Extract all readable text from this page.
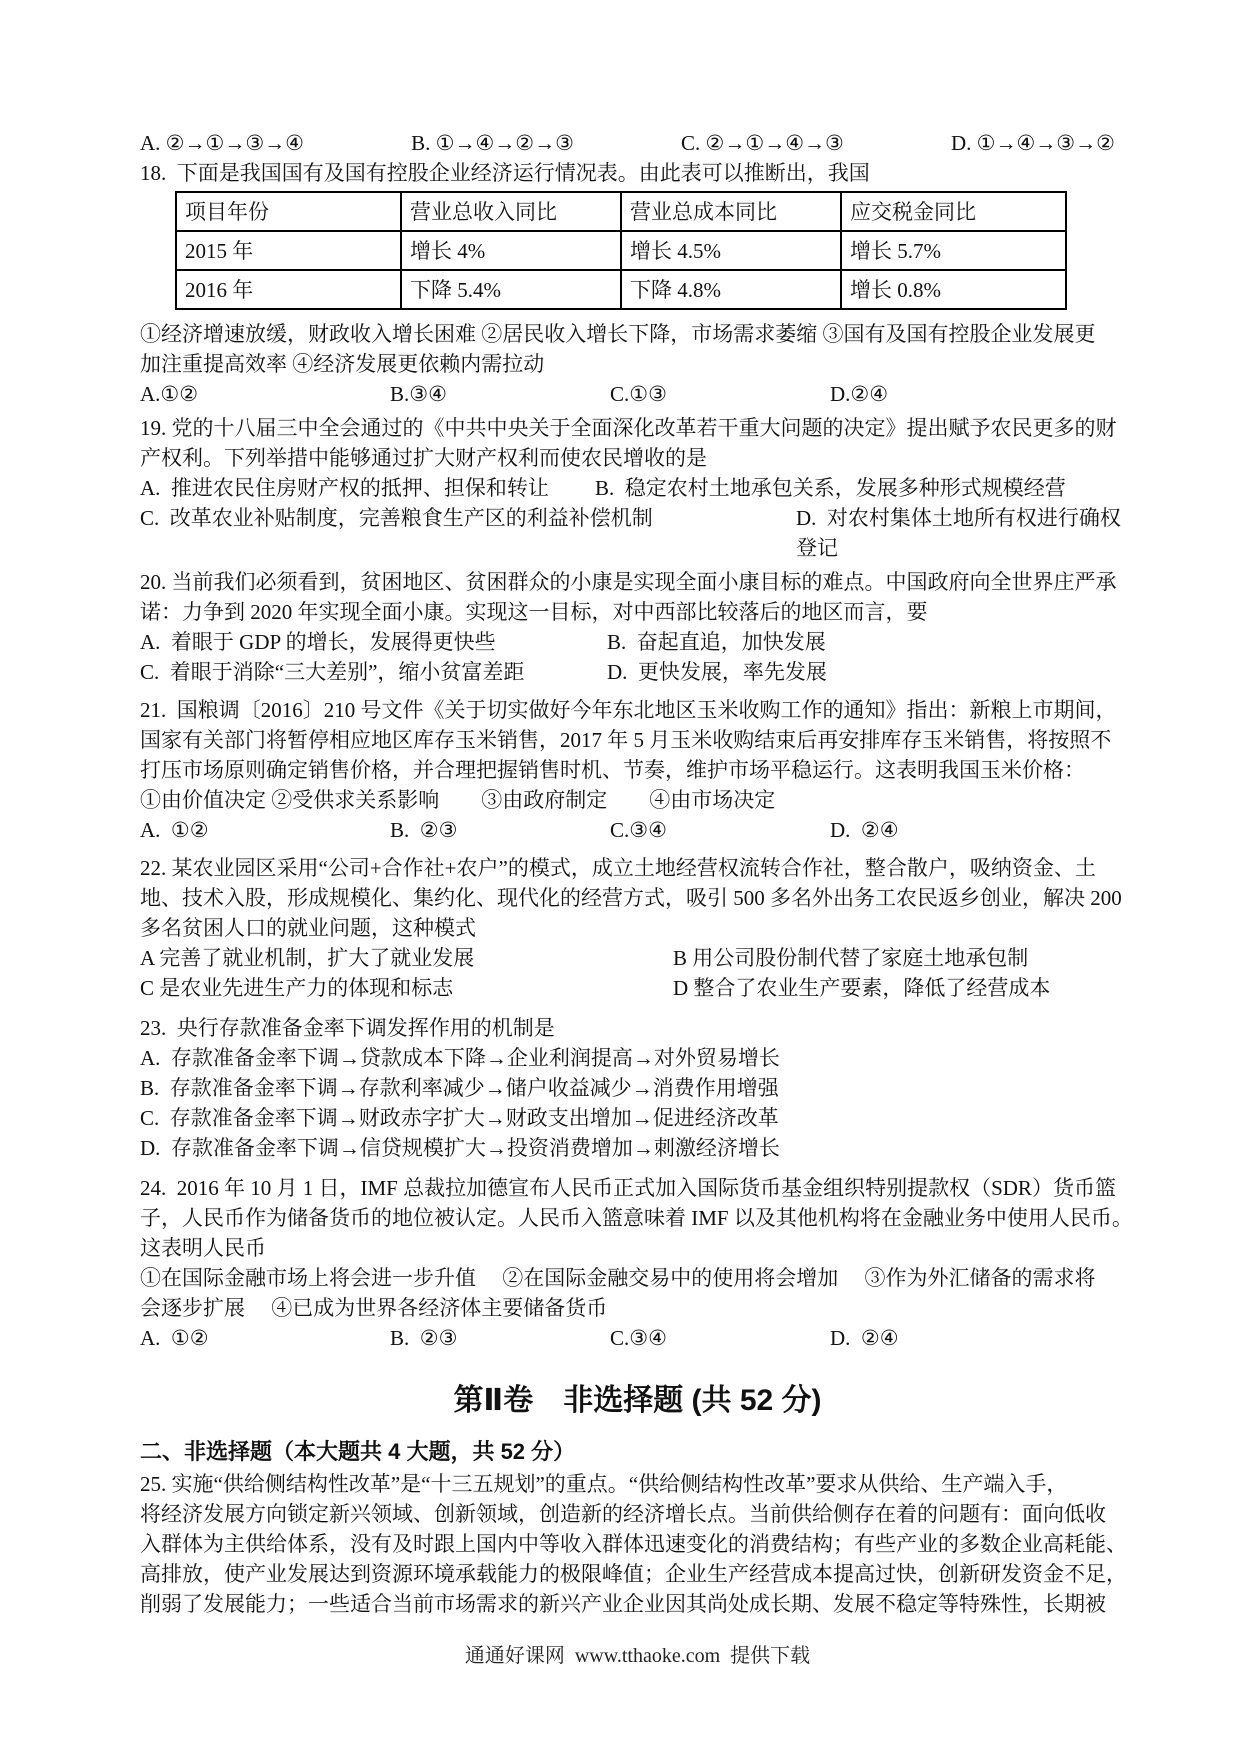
A. ②→①→③→④	B. ①→④→②→③	C. ②→①→④→③	D. ①→④→③→②
18.  下面是我国国有及国有控股企业经济运行情况表。由此表可以推断出，我国
项目年份	营业总收入同比	营业总成本同比	应交税金同比
2015 年	增长 4%	增长 4.5%	增长 5.7%
2016 年	下降 5.4%	下降 4.8%	增长 0.8%
①经济增速放缓，财政收入增长困难 ②居民收入增长下降，市场需求萎缩 ③国有及国有控股企业发展更
加注重提高效率 ④经济发展更依赖内需拉动
A.①②	B.③④	C.①③	D.②④
19. 党的十八届三中全会通过的《中共中央关于全面深化改革若干重大问题的决定》提出赋予农民更多的财
产权利。下列举措中能够通过扩大财产权利而使农民增收的是
A.  推进农民住房财产权的抵押、担保和转让	B.  稳定农村土地承包关系，发展多种形式规模经营
C.  改革农业补贴制度，完善粮食生产区的利益补偿机制	D.  对农村集体土地所有权进行确权登记
20. 当前我们必须看到，贫困地区、贫困群众的小康是实现全面小康目标的难点。中国政府向全世界庄严承
诺：力争到 2020 年实现全面小康。实现这一目标，对中西部比较落后的地区而言，要
A.  着眼于 GDP 的增长，发展得更快些	B.  奋起直追，加快发展
C.  着眼于消除“三大差别”，缩小贫富差距	D.  更快发展，率先发展
21.  国粮调〔2016〕210 号文件《关于切实做好今年东北地区玉米收购工作的通知》指出：新粮上市期间，
国家有关部门将暂停相应地区库存玉米销售，2017 年 5 月玉米收购结束后再安排库存玉米销售，将按照不
打压市场原则确定销售价格，并合理把握销售时机、节奏，维护市场平稳运行。这表明我国玉米价格：
①由价值决定 ②受供求关系影响　　③由政府制定　　④由市场决定
A.  ①②	B.  ②③	C.③④	D.  ②④
22. 某农业园区采用“公司+合作社+农户”的模式，成立土地经营权流转合作社，整合散户，吸纳资金、土
地、技术入股，形成规模化、集约化、现代化的经营方式，吸引 500 多名外出务工农民返乡创业，解决 200
多名贫困人口的就业问题，这种模式
A 完善了就业机制，扩大了就业发展	B 用公司股份制代替了家庭土地承包制
C 是农业先进生产力的体现和标志	D 整合了农业生产要素，降低了经营成本
23.  央行存款准备金率下调发挥作用的机制是
A.  存款准备金率下调→贷款成本下降→企业利润提高→对外贸易增长
B.  存款准备金率下调→存款利率减少→储户收益减少→消费作用增强
C.  存款准备金率下调→财政赤字扩大→财政支出增加→促进经济改革
D.  存款准备金率下调→信贷规模扩大→投资消费增加→刺激经济增长
24.  2016 年 10 月 1 日，IMF 总裁拉加德宣布人民币正式加入国际货币基金组织特别提款权（SDR）货币篮
子，人民币作为储备货币的地位被认定。人民币入篮意味着 IMF 以及其他机构将在金融业务中使用人民币。
这表明人民币
①在国际金融市场上将会进一步升值　 ②在国际金融交易中的使用将会增加　 ③作为外汇储备的需求将
会逐步扩展　 ④已成为世界各经济体主要储备货币
A.  ①②	B.  ②③	C.③④	D.  ②④
第Ⅱ卷　非选择题 (共 52 分)
二、非选择题（本大题共 4 大题，共 52 分）
25. 实施“供给侧结构性改革”是“十三五规划”的重点。“供给侧结构性改革”要求从供给、生产端入手，
将经济发展方向锁定新兴领域、创新领域，创造新的经济增长点。当前供给侧存在着的问题有：面向低收
入群体为主供给体系，没有及时跟上国内中等收入群体迅速变化的消费结构；有些产业的多数企业高耗能、
高排放，使产业发展达到资源环境承载能力的极限峰值；企业生产经营成本提高过快，创新研发资金不足，
削弱了发展能力；一些适合当前市场需求的新兴产业企业因其尚处成长期、发展不稳定等特殊性，长期被
通通好课网  www.tthaoke.com  提供下载
